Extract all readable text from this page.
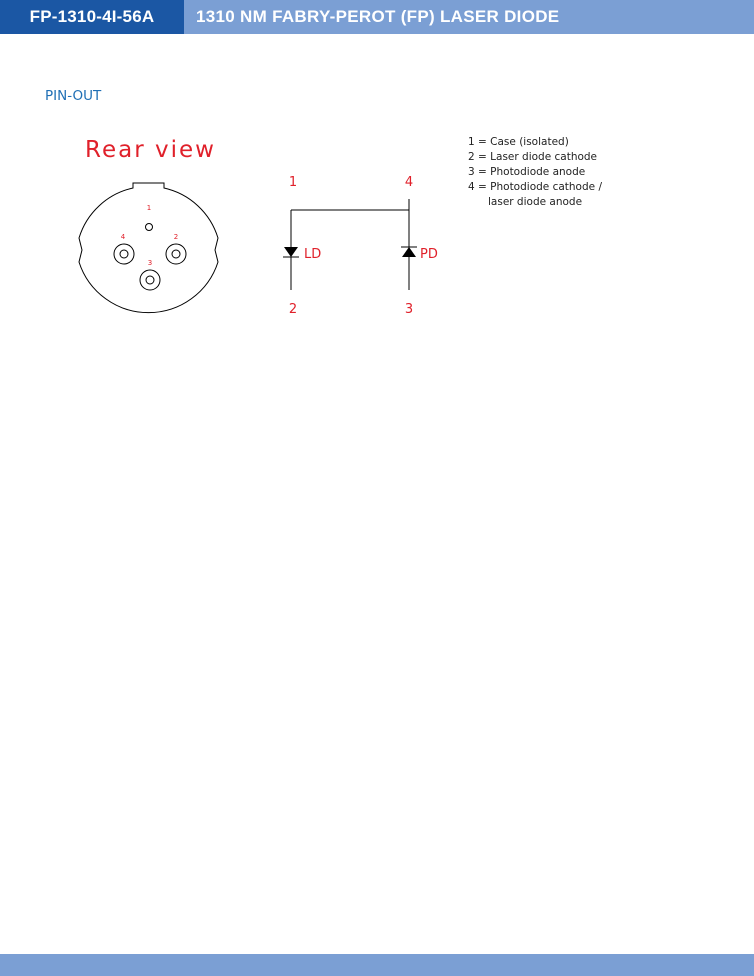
FP-1310-4I-56A	1310 NM FABRY-PEROT (FP) LASER DIODE
PIN-OUT
Rear view
1
4	2
3
1	4
LD	PD
2	3
1 = Case (isolated)
2 = Laser diode cathode
3 = Photodiode anode
4 = Photodiode cathode /
laser diode anode
